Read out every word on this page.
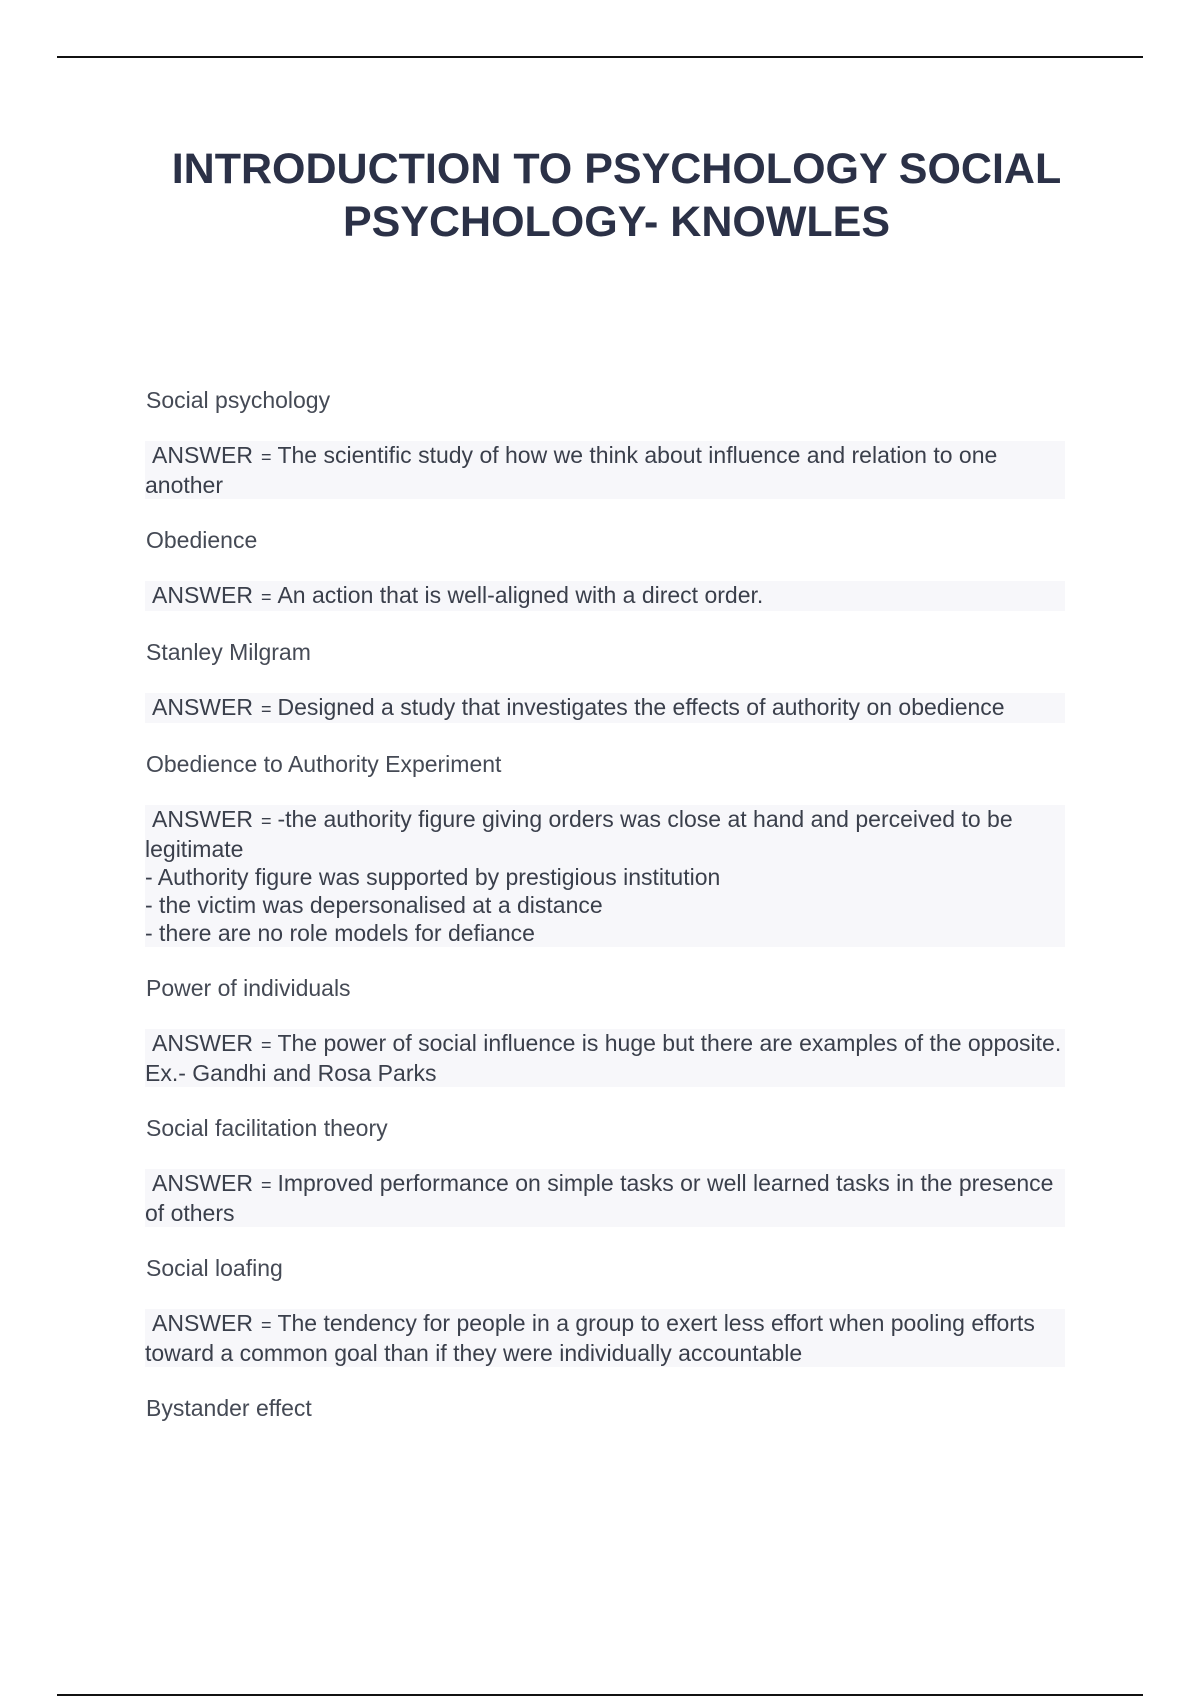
INTRODUCTION TO PSYCHOLOGY SOCIAL PSYCHOLOGY- KNOWLES
Social psychology
ANSWER = The scientific study of how we think about influence and relation to one another
Obedience
ANSWER = An action that is well-aligned with a direct order.
Stanley Milgram
ANSWER = Designed a study that investigates the effects of authority on obedience
Obedience to Authority Experiment
ANSWER = -the authority figure giving orders was close at hand and perceived to be legitimate
- Authority figure was supported by prestigious institution
- the victim was depersonalised at a distance
- there are no role models for defiance
Power of individuals
ANSWER = The power of social influence is huge but there are examples of the opposite. Ex.- Gandhi and Rosa Parks
Social facilitation theory
ANSWER = Improved performance on simple tasks or well learned tasks in the presence of others
Social loafing
ANSWER = The tendency for people in a group to exert less effort when pooling efforts toward a common goal than if they were individually accountable
Bystander effect
